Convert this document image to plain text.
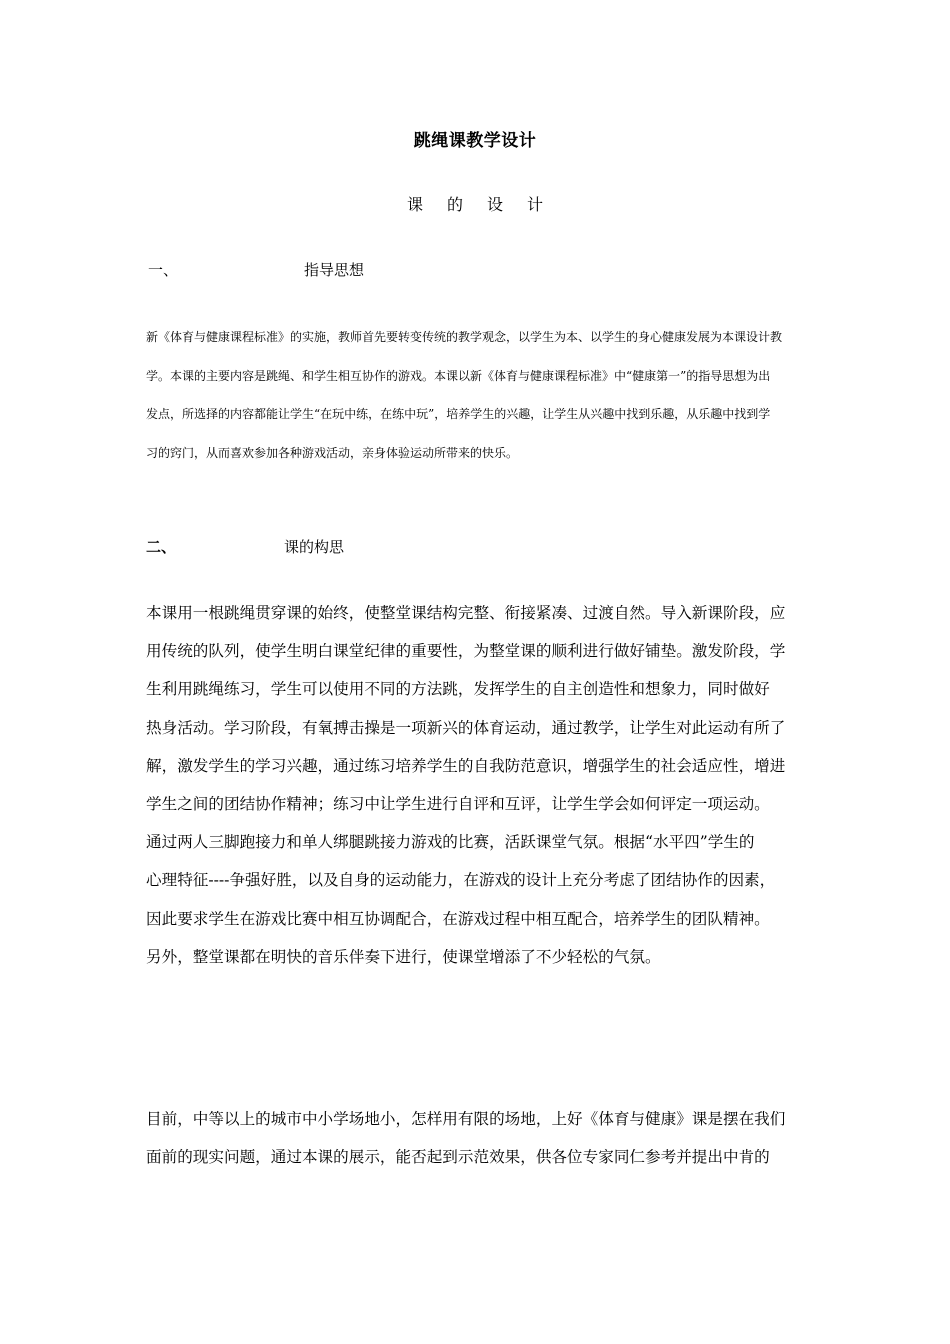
跳绳课教学设计
课 的 设 计
一、	指导思想
新《体育与健康课程标准》的实施，教师首先要转变传统的教学观念，以学生为本、以学生的身心健康发展为本课设计教
学。本课的主要内容是跳绳、和学生相互协作的游戏。本课以新《体育与健康课程标准》中“健康第一”的指导思想为出
发点，所选择的内容都能让学生“在玩中练，在练中玩”，培养学生的兴趣，让学生从兴趣中找到乐趣，从乐趣中找到学
习的窍门，从而喜欢参加各种游戏活动，亲身体验运动所带来的快乐。
二、	课的构思
本课用一根跳绳贯穿课的始终，使整堂课结构完整、衔接紧凑、过渡自然。导入新课阶段，应
用传统的队列，使学生明白课堂纪律的重要性，为整堂课的顺利进行做好铺垫。激发阶段，学
生利用跳绳练习，学生可以使用不同的方法跳，发挥学生的自主创造性和想象力，同时做好
热身活动。学习阶段，有氧搏击操是一项新兴的体育运动，通过教学，让学生对此运动有所了
解，激发学生的学习兴趣，通过练习培养学生的自我防范意识，增强学生的社会适应性，增进
学生之间的团结协作精神；练习中让学生进行自评和互评，让学生学会如何评定一项运动。
通过两人三脚跑接力和单人绑腿跳接力游戏的比赛，活跃课堂气氛。根据“水平四”学生的
心理特征----争强好胜，以及自身的运动能力，在游戏的设计上充分考虑了团结协作的因素，
因此要求学生在游戏比赛中相互协调配合，在游戏过程中相互配合，培养学生的团队精神。
另外，整堂课都在明快的音乐伴奏下进行，使课堂增添了不少轻松的气氛。
目前，中等以上的城市中小学场地小，怎样用有限的场地，上好《体育与健康》课是摆在我们
面前的现实问题，通过本课的展示，能否起到示范效果，供各位专家同仁参考并提出中肯的
